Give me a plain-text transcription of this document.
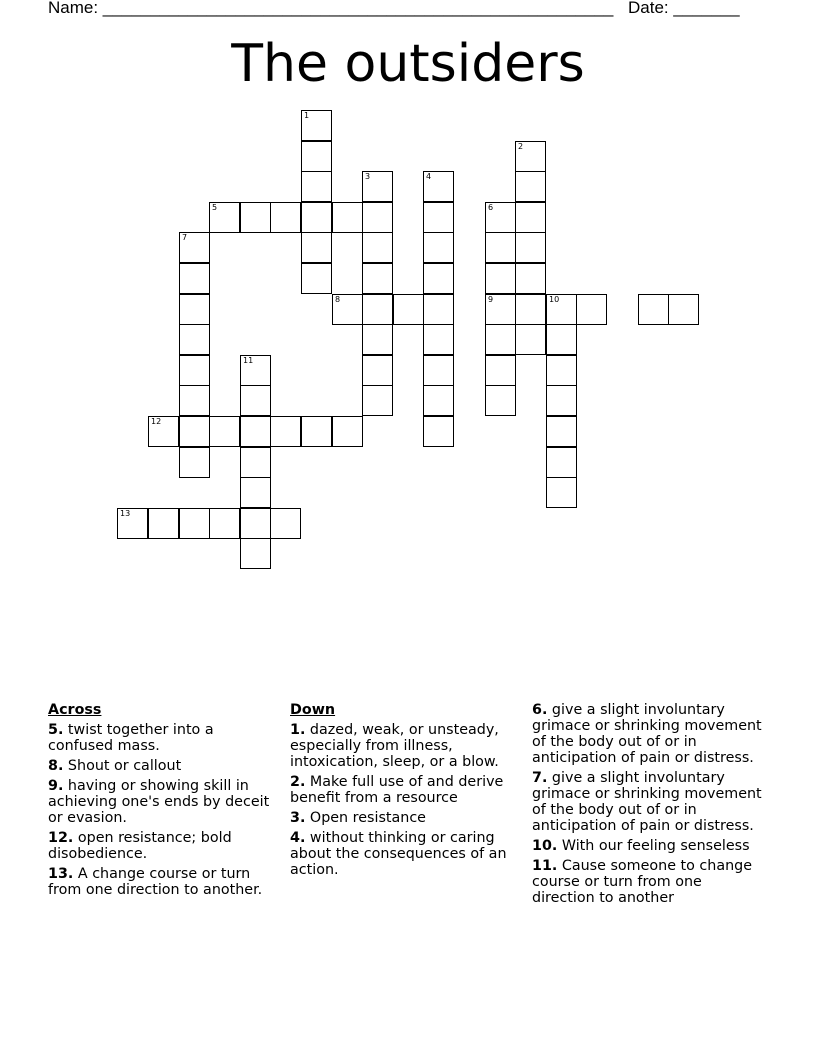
Name: ______________________________________________________ Date: _______
The outsiders
1
2
3	4
5	6
7
8	9	10
11
12
13
Across
5. twist together into a confused mass.
8. Shout or callout
9. having or showing skill in achieving one's ends by deceit or evasion.
12. open resistance; bold disobedience.
13. A change course or turn from one direction to another.
Down
1. dazed, weak, or unsteady, especially from illness, intoxication, sleep, or a blow.
2. Make full use of and derive benefit from a resource
3. Open resistance
4. without thinking or caring about the consequences of an action.
6. give a slight involuntary grimace or shrinking movement of the body out of or in anticipation of pain or distress.
7. give a slight involuntary grimace or shrinking movement of the body out of or in anticipation of pain or distress.
10. With our feeling senseless
11. Cause someone to change course or turn from one direction to another
